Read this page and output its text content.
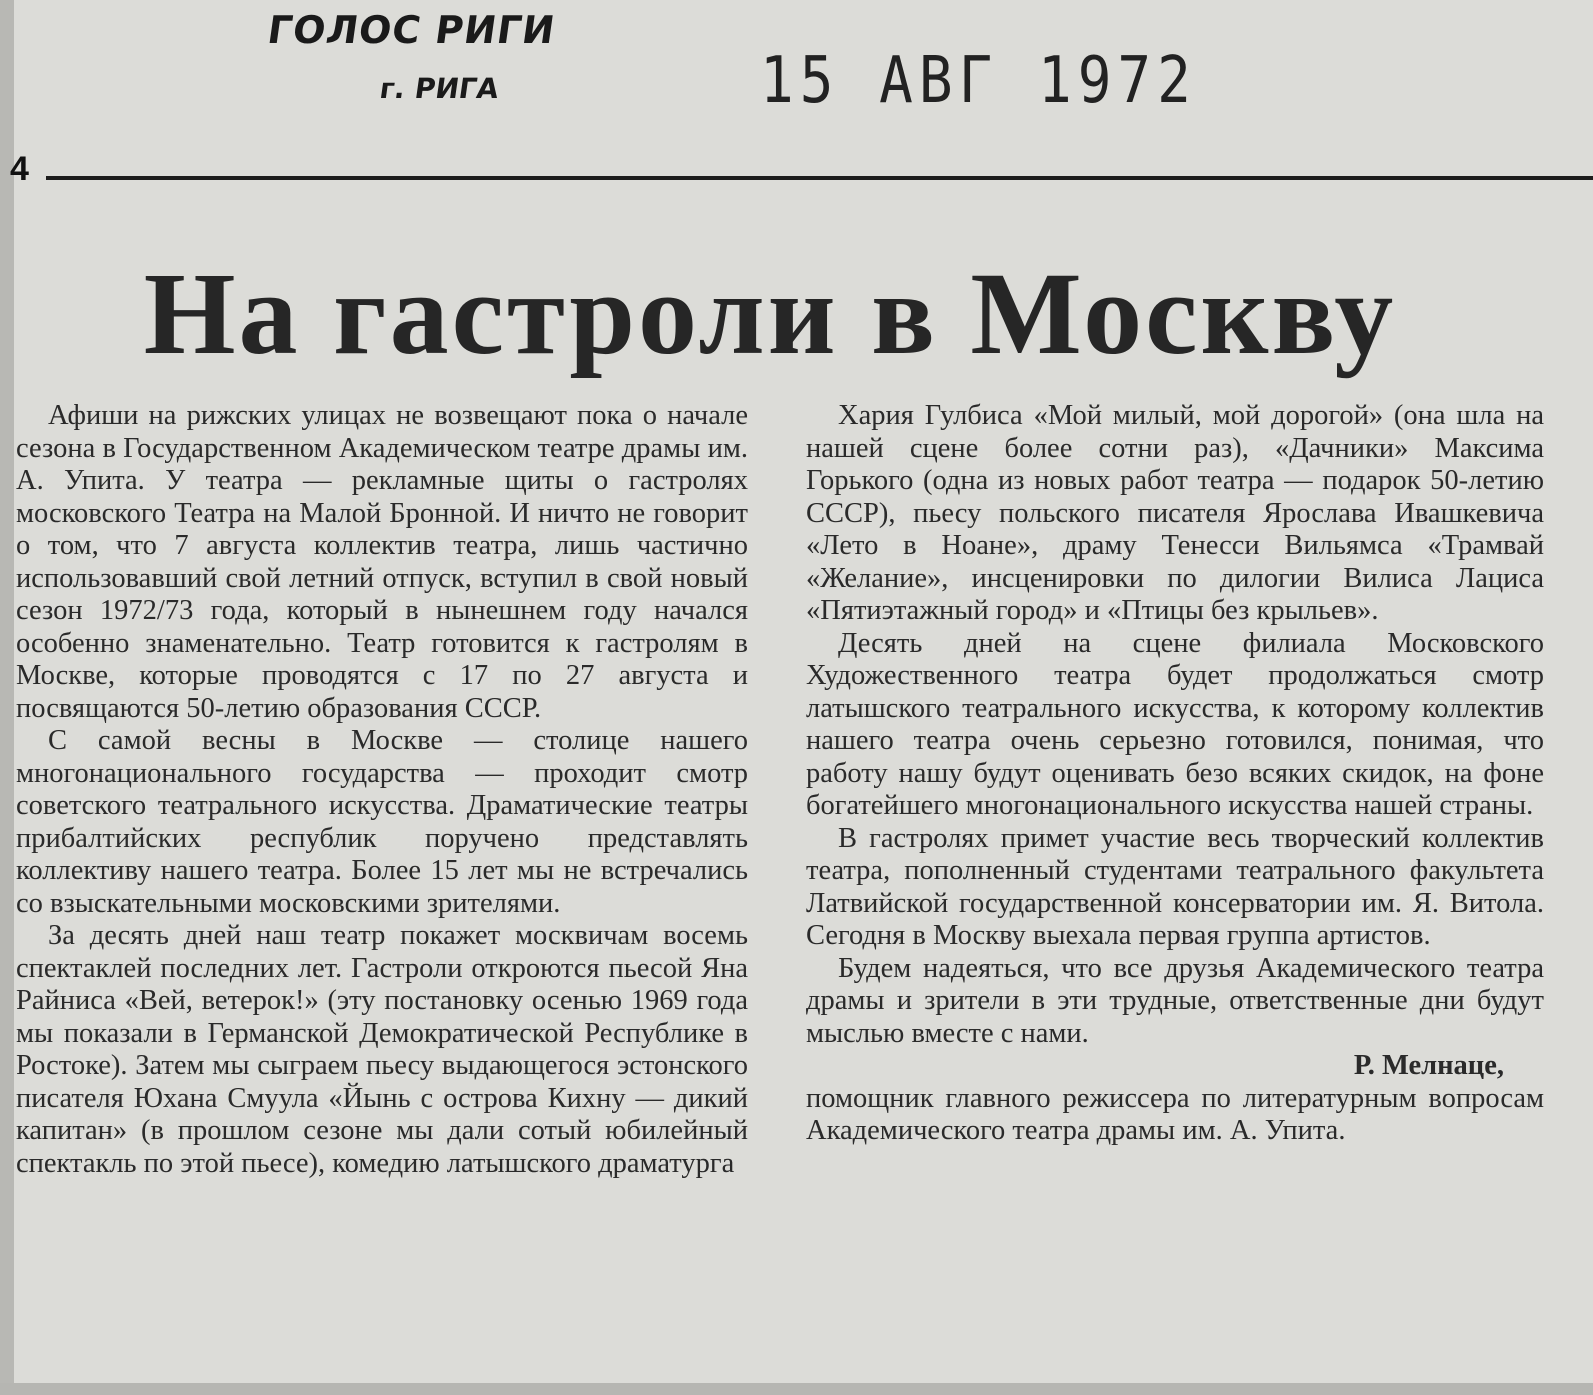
ГОЛОС РИГИ
г. РИГА	15 АВГ 1972
4
На гастроли в Москву

Афиши на рижских улицах не возвещают пока о начале сезона в Государственном Академическом театре драмы им. А. Упита. У театра — рекламные щиты о гастролях московского Театра на Малой Бронной. И ничто не говорит о том, что 7 августа коллектив театра, лишь частично использовавший свой летний отпуск, вступил в свой новый сезон 1972/73 года, который в нынешнем году начался особенно знаменательно. Театр готовится к гастролям в Москве, которые проводятся с 17 по 27 августа и посвящаются 50-летию образования СССР.

С самой весны в Москве — столице нашего многонационального государства — проходит смотр советского театрального искусства. Драматические театры прибалтийских республик поручено представлять коллективу нашего театра. Более 15 лет мы не встречались со взыскательными московскими зрителями.

За десять дней наш театр покажет москвичам восемь спектаклей последних лет. Гастроли откроются пьесой Яна Райниса «Вей, ветерок!» (эту постановку осенью 1969 года мы показали в Германской Демократической Республике в Ростоке). Затем мы сыграем пьесу выдающегося эстонского писателя Юхана Смуула «Йынь с острова Кихну — дикий капитан» (в прошлом сезоне мы дали сотый юбилейный спектакль по этой пьесе), комедию латышского драматурга

Хария Гулбиса «Мой милый, мой дорогой» (она шла на нашей сцене более сотни раз), «Дачники» Максима Горького (одна из новых работ театра — подарок 50-летию СССР), пьесу польского писателя Ярослава Ивашкевича «Лето в Ноане», драму Тенесси Вильямса «Трамвай «Желание», инсценировки по дилогии Вилиса Лациса «Пятиэтажный город» и «Птицы без крыльев».

Десять дней на сцене филиала Московского Художественного театра будет продолжаться смотр латышского театрального искусства, к которому коллектив нашего театра очень серьезно готовился, понимая, что работу нашу будут оценивать безо всяких скидок, на фоне богатейшего многонационального искусства нашей страны.

В гастролях примет участие весь творческий коллектив театра, пополненный студентами театрального факультета Латвийской государственной консерватории им. Я. Витола. Сегодня в Москву выехала первая группа артистов.

Будем надеяться, что все друзья Академического театра драмы и зрители в эти трудные, ответственные дни будут мыслью вместе с нами.

Р. Мелнаце,

помощник главного режиссера по литературным вопросам Академического театра драмы им. А. Упита.
